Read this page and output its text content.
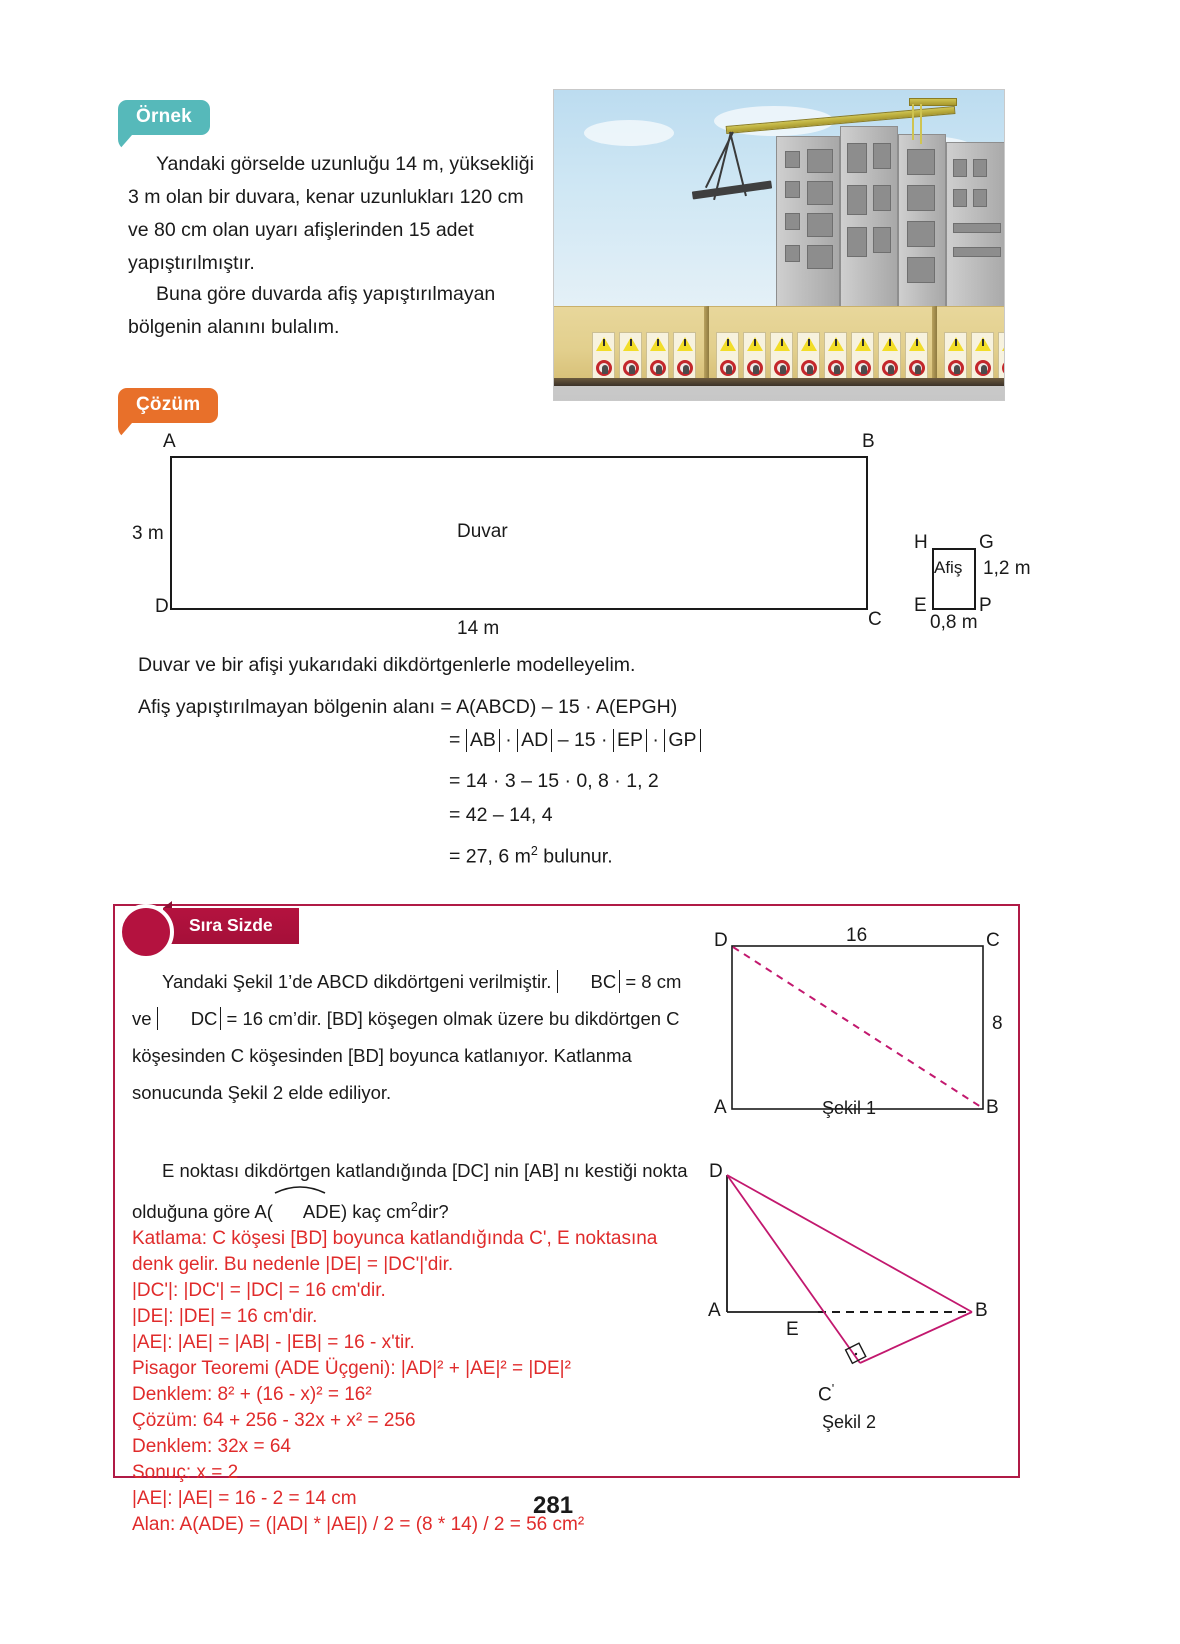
Örnek
Yandaki görselde uzunluğu 14 m, yüksekliği 3 m olan bir duvara, kenar uzunlukları 120 cm ve 80 cm olan uyarı afişlerinden 15 adet yapıştırılmıştır.
Buna göre duvarda afiş yapıştırılmayan bölgenin alanını bulalım.
Çözüm
A	B
C
D
3 m	Duvar
14 m
H	G
E	P
Afiş 1,2 m
0,8 m
Duvar ve bir afişi yukarıdaki dikdörtgenlerle modelleyelim.
Afiş yapıştırılmayan bölgenin alanı = A(ABCD) – 15 · A(EPGH)
= AB · AD – 15 · EP · GP
= 14 · 3 – 15 · 0, 8 · 1, 2
= 42 – 14, 4
= 27, 6 $m^2$ bulunur.
Sıra Sizde
Yandaki Şekil 1’de ABCD dikdörtgeni verilmiştir. BC = 8 cm ve DC = 16 cm’dir. [BD] köşegen olmak üzere bu dikdörtgen C köşesinden C köşesinden [BD] boyunca katlanıyor. Katlanma sonucunda Şekil 2 elde ediliyor.
E noktası dikdörtgen katlandığında [DC] nin [AB] nı kestiği nokta olduğuna göre A( ADE) kaç $cm^2dir$?
Katlama: C köşesi [BD] boyunca katlandığında C', E noktasına
denk gelir. Bu nedenle |DE| = |DC'|'dir.
|DC'|: |DC'| = |DC| = 16 cm'dir.
|DE|: |DE| = 16 cm'dir.
|AE|: |AE| = |AB| - |EB| = 16 - x'tir.
Pisagor Teoremi (ADE Üçgeni): |AD|² + |AE|² = |DE|²
Denklem: 8² + (16 - x)² = 16²
Çözüm: 64 + 256 - 32x + x² = 256
Denklem: 32x = 64
Sonuç: x = 2
|AE|: |AE| = 16 - 2 = 14 cm
Alan: A(ADE) = (|AD| * |AE|) / 2 = (8 * 14) / 2 = 56 cm²
D	C
A	B
16
8
Şekil 1
D
A
E
B
C'
Şekil 2
281
